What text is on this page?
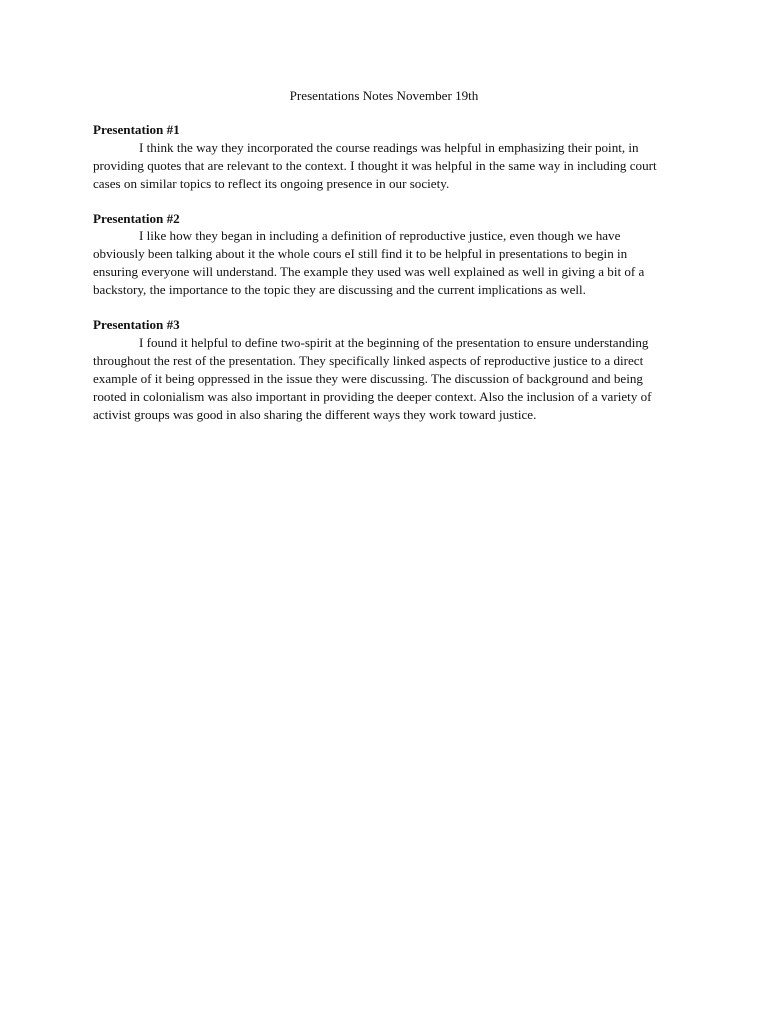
Presentations Notes November 19th

Presentation #1

I think the way they incorporated the course readings was helpful in emphasizing their point, in providing quotes that are relevant to the context. I thought it was helpful in the same way in including court cases on similar topics to reflect its ongoing presence in our society.

Presentation #2

I like how they began in including a definition of reproductive justice, even though we have obviously been talking about it the whole cours eI still find it to be helpful in presentations to begin in ensuring everyone will understand. The example they used was well explained as well in giving a bit of a backstory, the importance to the topic they are discussing and the current implications as well.

Presentation #3

I found it helpful to define two-spirit at the beginning of the presentation to ensure understanding throughout the rest of the presentation. They specifically linked aspects of reproductive justice to a direct example of it being oppressed in the issue they were discussing. The discussion of background and being rooted in colonialism was also important in providing the deeper context. Also the inclusion of a variety of activist groups was good in also sharing the different ways they work toward justice.
